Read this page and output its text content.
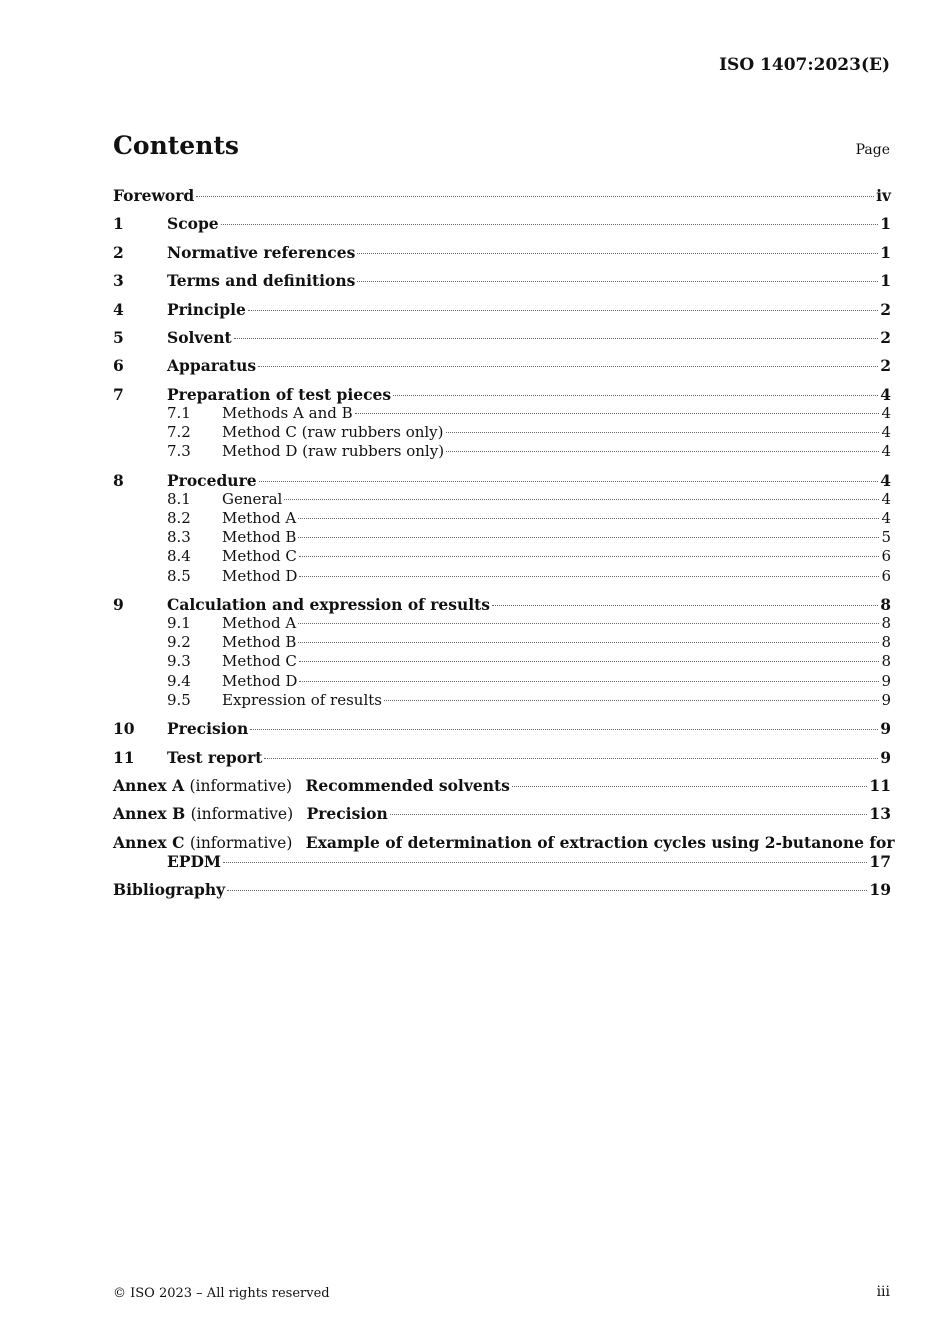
ISO 1407:2023(E)
Contents	Page
Foreword	iv
1	Scope	1
2	Normative references	1
3	Terms and definitions	1
4	Principle	2
5	Solvent	2
6	Apparatus	2
7	Preparation of test pieces	4
7.1	Methods A and B	4
7.2	Method C (raw rubbers only)	4
7.3	Method D (raw rubbers only)	4
8	Procedure	4
8.1	General	4
8.2	Method A	4
8.3	Method B	5
8.4	Method C	6
8.5	Method D	6
9	Calculation and expression of results	8
9.1	Method A	8
9.2	Method B	8
9.3	Method C	8
9.4	Method D	9
9.5	Expression of results	9
10	Precision	9
11	Test report	9
Annex A (informative) Recommended solvents	11
Annex B (informative) Precision	13
Annex C (informative) Example of determination of extraction cycles using 2-butanone for
EPDM	17
Bibliography	19
© ISO 2023 – All rights reserved	iii
